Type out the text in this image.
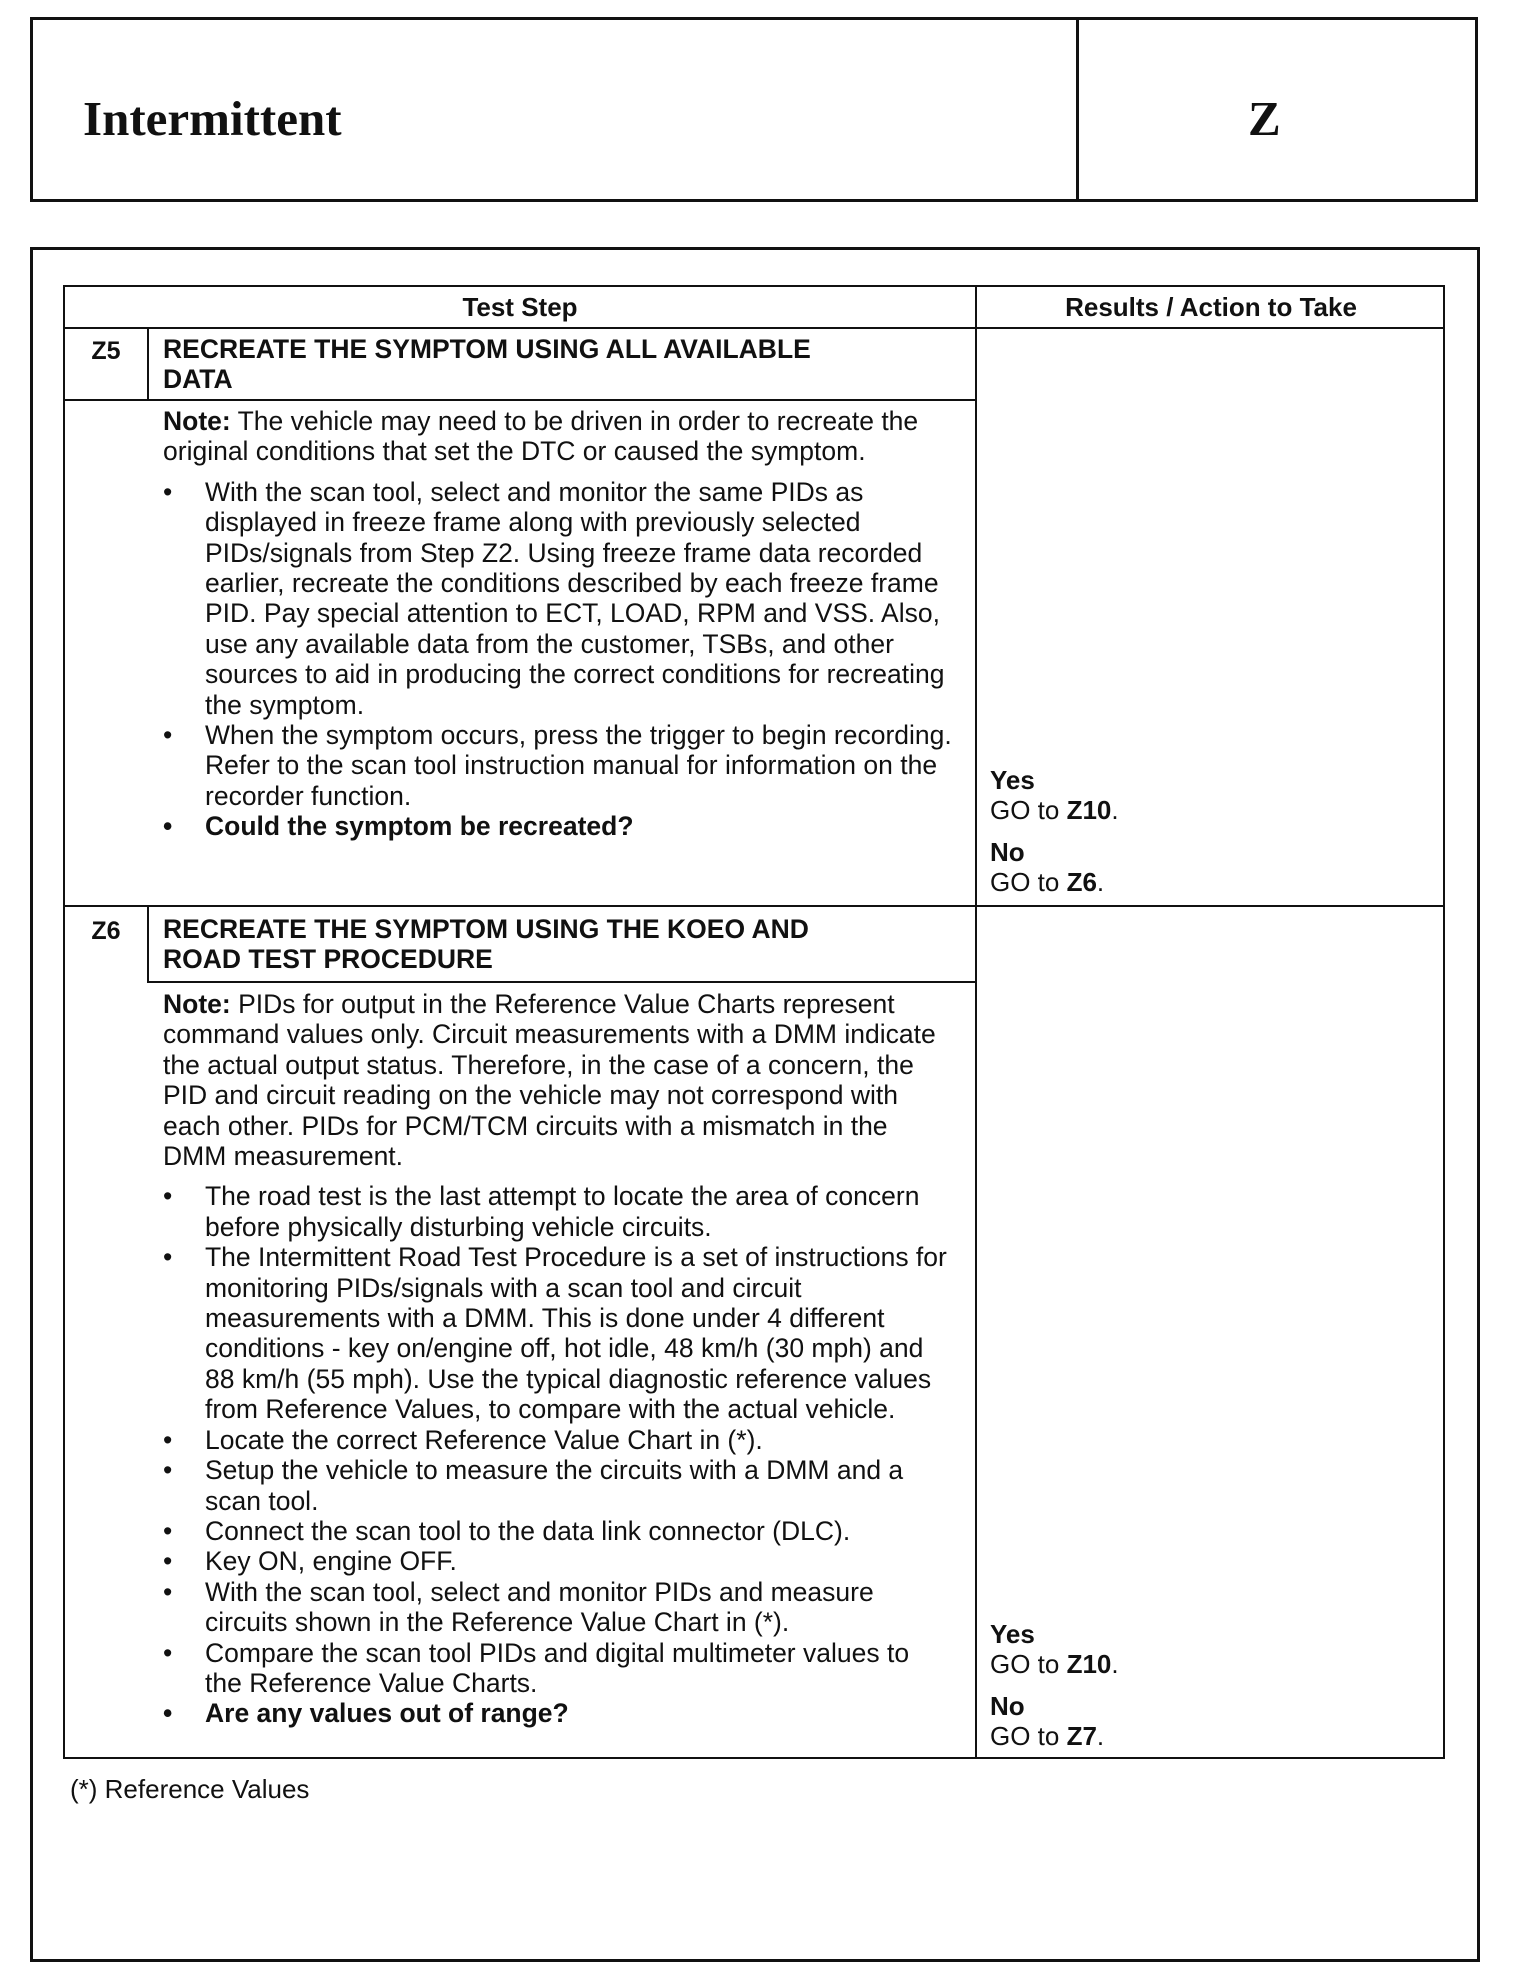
Intermittent	Z
Test Step	Results / Action to Take
Z5	RECREATE THE SYMPTOM USING ALL AVAILABLE
DATA

Note: The vehicle may need to be driven in order to recreate the original conditions that set the DTC or caused the symptom.

• With the scan tool, select and monitor the same PIDs as displayed in freeze frame along with previously selected PIDs/signals from Step Z2. Using freeze frame data recorded earlier, recreate the conditions described by each freeze frame PID. Pay special attention to ECT, LOAD, RPM and VSS. Also, use any available data from the customer, TSBs, and other sources to aid in producing the correct conditions for recreating the symptom.
• When the symptom occurs, press the trigger to begin recording. Refer to the scan tool instruction manual for information on the recorder function.
• Could the symptom be recreated?
Yes
GO to Z10.
No
GO to Z6.
Z6	RECREATE THE SYMPTOM USING THE KOEO AND
ROAD TEST PROCEDURE

Note: PIDs for output in the Reference Value Charts represent command values only. Circuit measurements with a DMM indicate the actual output status. Therefore, in the case of a concern, the PID and circuit reading on the vehicle may not correspond with each other. PIDs for PCM/TCM circuits with a mismatch in the DMM measurement.

• The road test is the last attempt to locate the area of concern before physically disturbing vehicle circuits.
• The Intermittent Road Test Procedure is a set of instructions for monitoring PIDs/signals with a scan tool and circuit measurements with a DMM. This is done under 4 different conditions - key on/engine off, hot idle, 48 km/h (30 mph) and 88 km/h (55 mph). Use the typical diagnostic reference values from Reference Values, to compare with the actual vehicle.
• Locate the correct Reference Value Chart in (*).
• Setup the vehicle to measure the circuits with a DMM and a scan tool.
• Connect the scan tool to the data link connector (DLC).
• Key ON, engine OFF.
• With the scan tool, select and monitor PIDs and measure circuits shown in the Reference Value Chart in (*).
• Compare the scan tool PIDs and digital multimeter values to the Reference Value Charts.
• Are any values out of range?
Yes
GO to Z10.
No
GO to Z7.
(*) Reference Values
